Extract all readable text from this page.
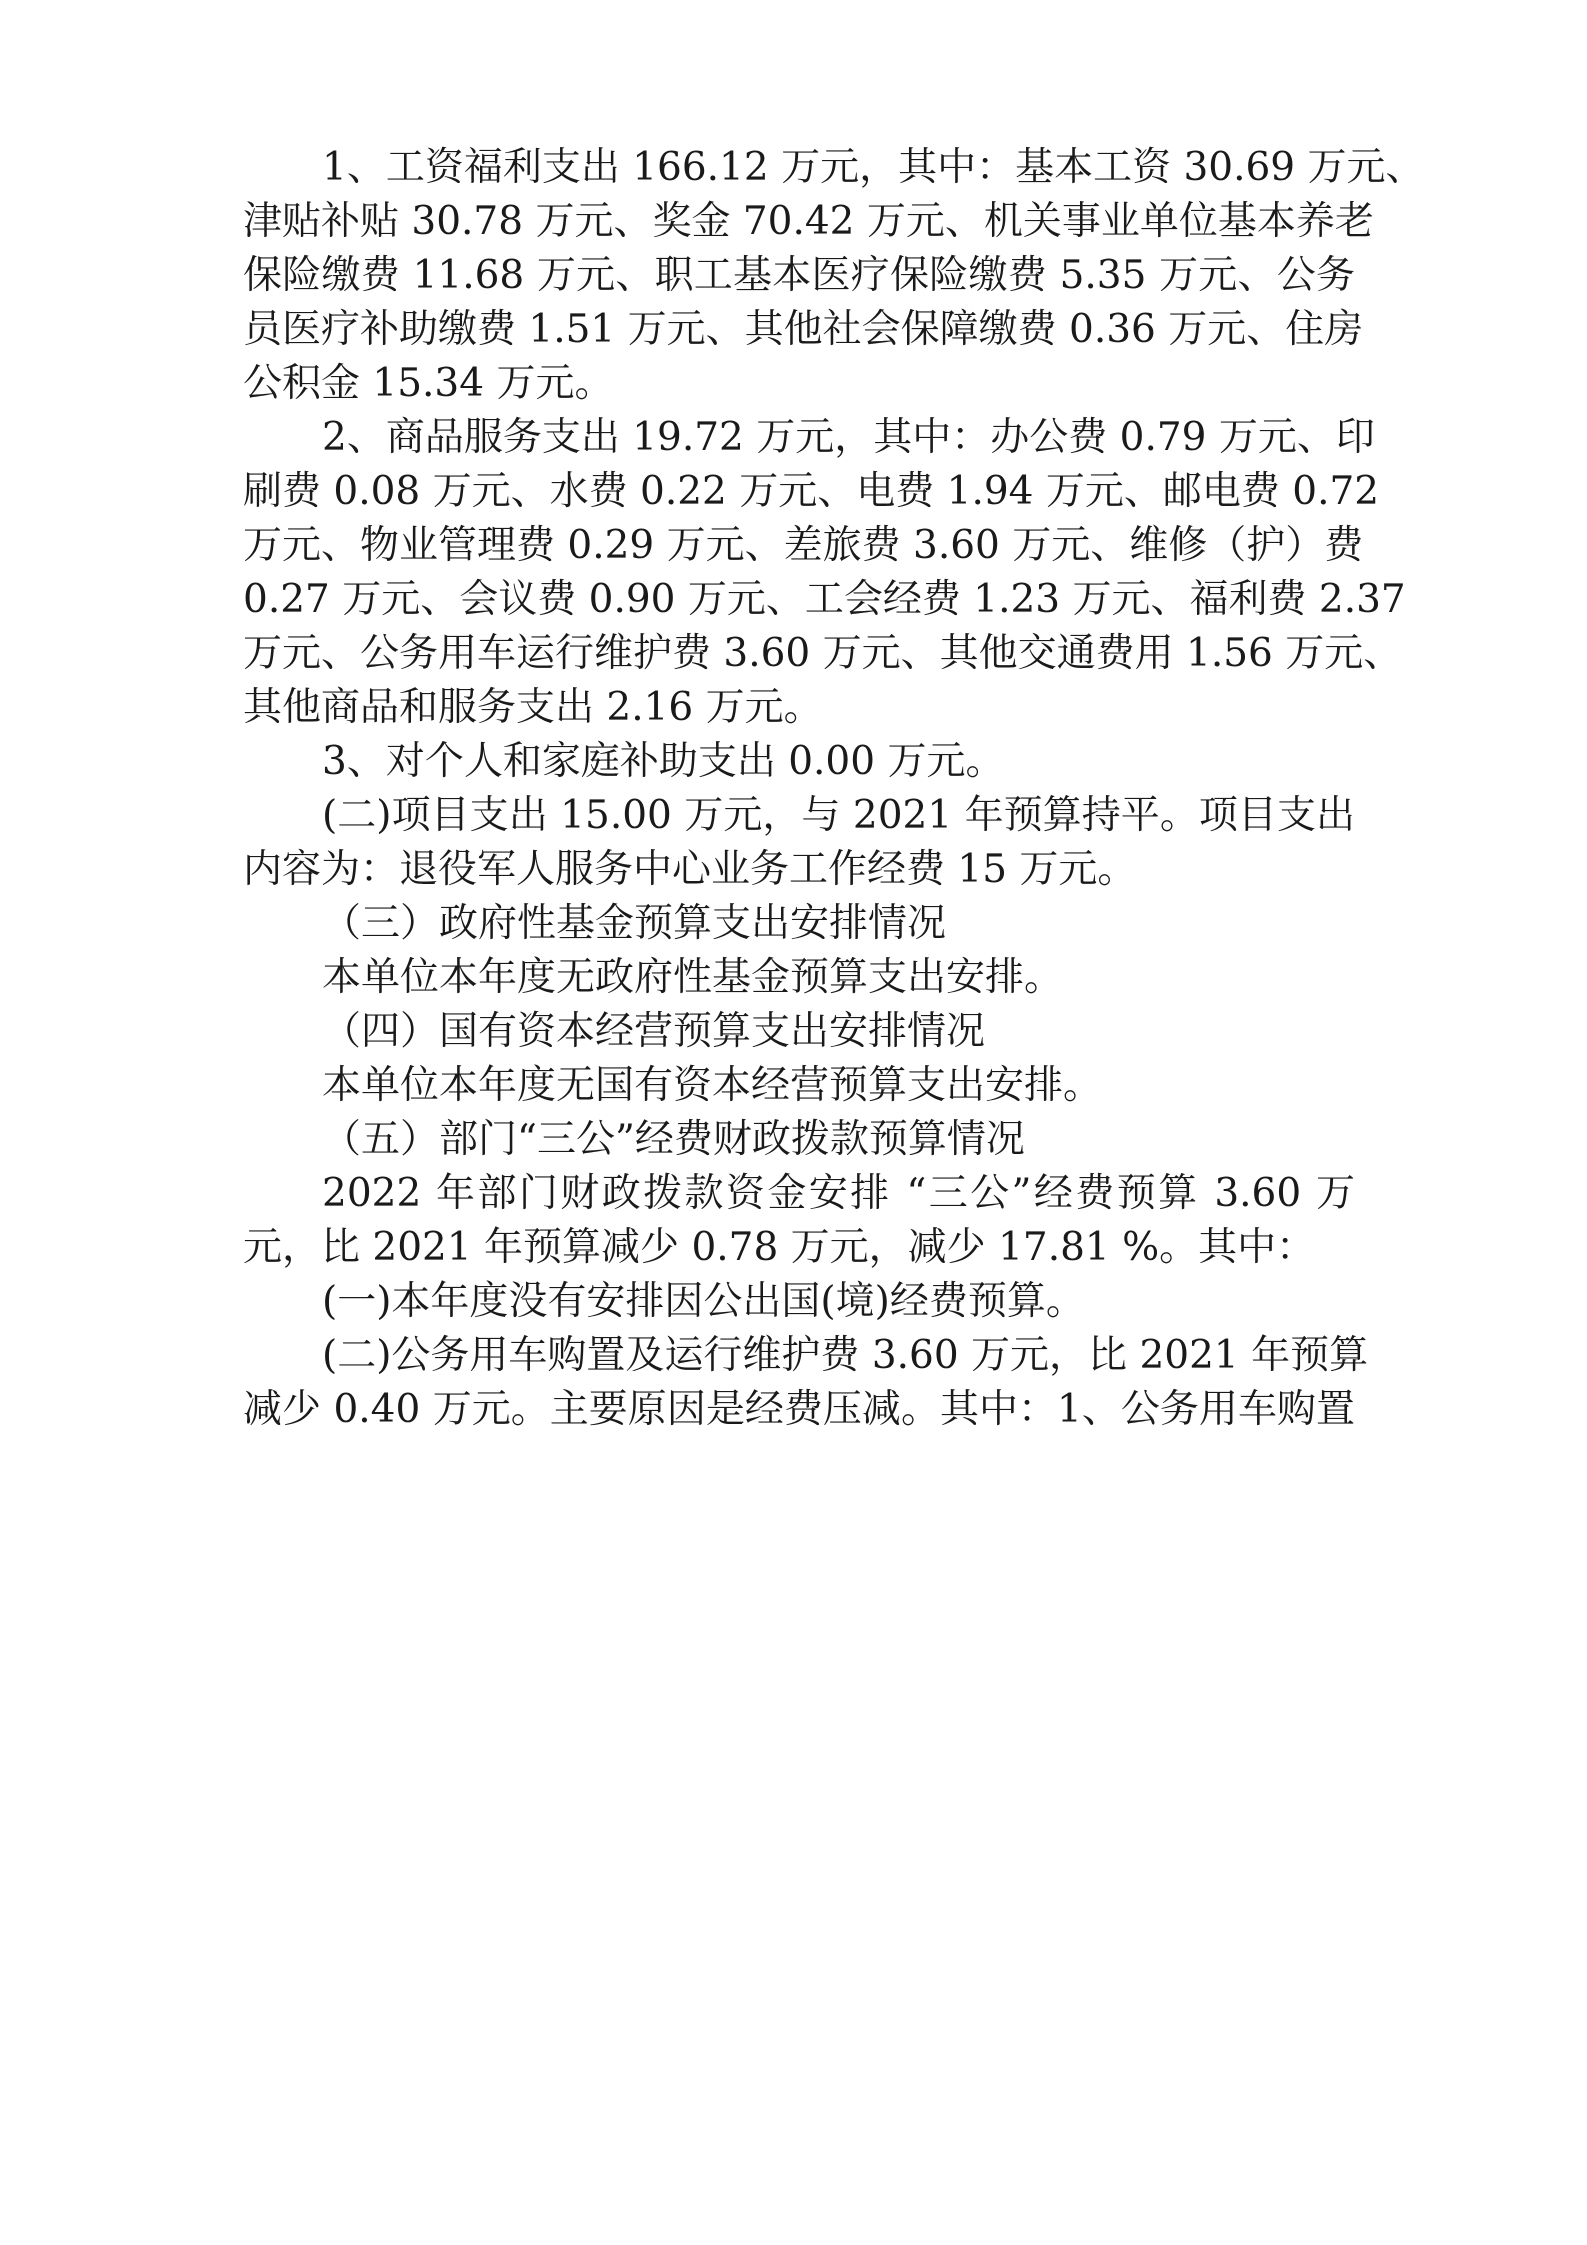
1、工资福利支出 166.12 万元，其中：基本工资 30.69 万元、
津贴补贴 30.78 万元、奖金 70.42 万元、机关事业单位基本养老
保险缴费 11.68 万元、职工基本医疗保险缴费 5.35 万元、公务
员医疗补助缴费 1.51 万元、其他社会保障缴费 0.36 万元、住房
公积金 15.34 万元。
2、商品服务支出 19.72 万元，其中：办公费 0.79 万元、印
刷费 0.08 万元、水费 0.22 万元、电费 1.94 万元、邮电费 0.72
万元、物业管理费 0.29 万元、差旅费 3.60 万元、维修（护）费
0.27 万元、会议费 0.90 万元、工会经费 1.23 万元、福利费 2.37
万元、公务用车运行维护费 3.60 万元、其他交通费用 1.56 万元、
其他商品和服务支出 2.16 万元。
3、对个人和家庭补助支出 0.00 万元。
(二)项目支出 15.00 万元，与 2021 年预算持平。项目支出
内容为：退役军人服务中心业务工作经费 15 万元。
（三）政府性基金预算支出安排情况
本单位本年度无政府性基金预算支出安排。
（四）国有资本经营预算支出安排情况
本单位本年度无国有资本经营预算支出安排。
（五）部门“三公”经费财政拨款预算情况
2022 年部门财政拨款资金安排 “三公”经费预算 3.60 万
元，比 2021 年预算减少 0.78 万元，减少 17.81 %。其中：
(一)本年度没有安排因公出国(境)经费预算。
(二)公务用车购置及运行维护费 3.60 万元，比 2021 年预算
减少 0.40 万元。主要原因是经费压减。其中：1、公务用车购置
